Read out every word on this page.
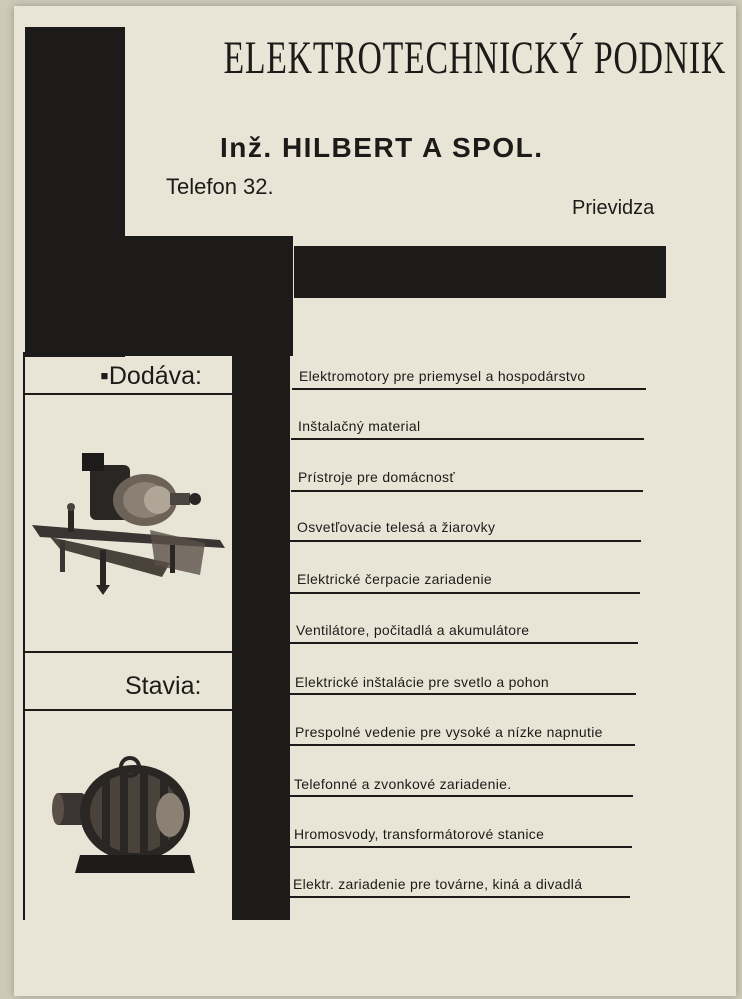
ELEKTROTECHNICKÝ PODNIK
Inž. HILBERT A SPOL.
Telefon 32.
Prievidza
▪Dodáva:
Stavia:
Elektromotory pre priemysel a hospodárstvo
Inštalačný material
Prístroje pre domácnosť
Osvetľovacie telesá a žiarovky
Elektrické čerpacie zariadenie
Ventilátore, počitadlá a akumulátore
Elektrické inštalácie pre svetlo a pohon
Prespolné vedenie pre vysoké a nízke napnutie
Telefonné a zvonkové zariadenie.
Hromosvody, transformátorové stanice
Elektr. zariadenie pre továrne, kiná a divadlá
